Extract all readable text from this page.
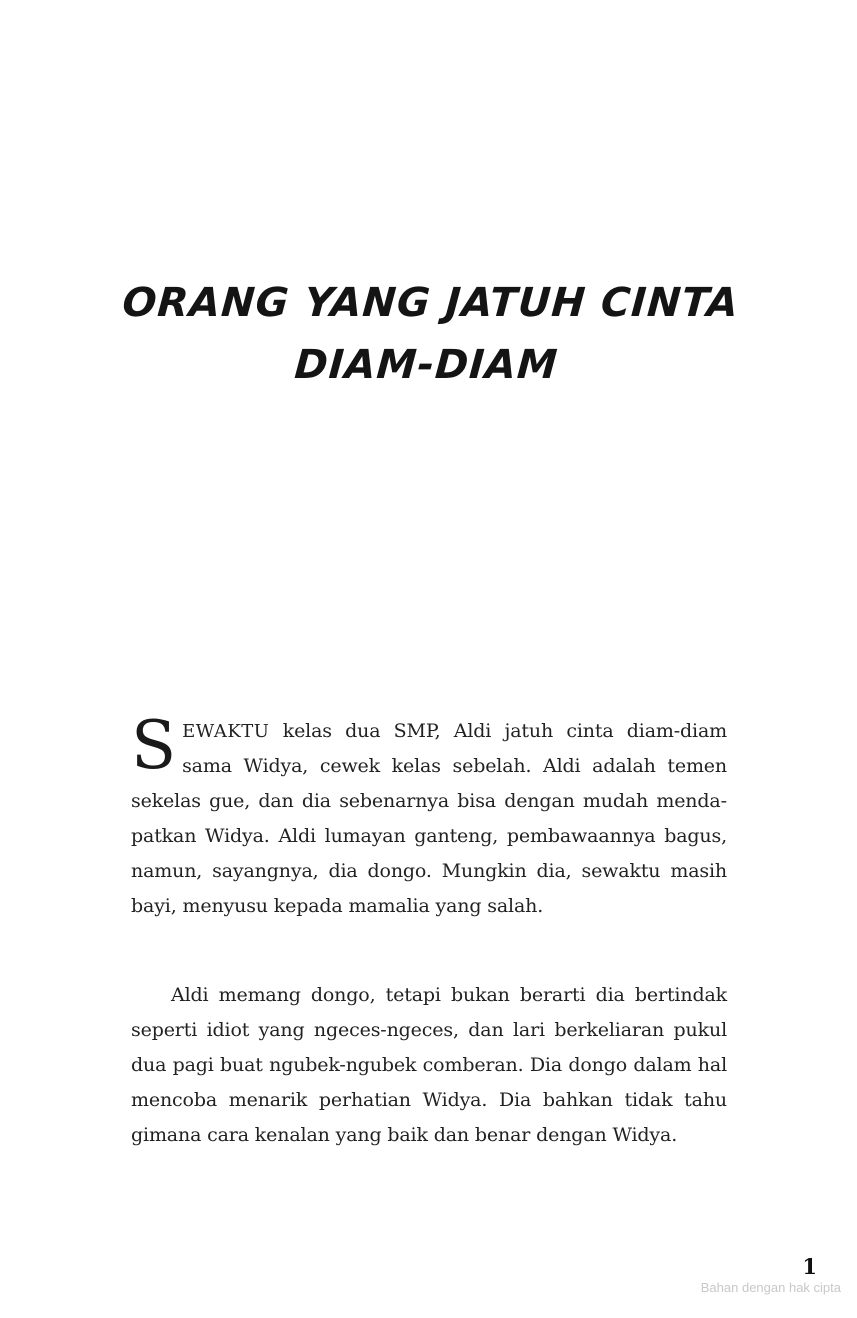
ORANG YANG JATUH CINTA
DIAM-DIAM

SEWAKTU kelas dua SMP, Aldi jatuh cinta diam-diam sama Widya, cewek kelas sebelah. Aldi adalah temen sekelas gue, dan dia sebenarnya bisa dengan mudah mendapatkan Widya. Aldi lumayan ganteng, pembawaannya bagus, namun, sayangnya, dia dongo. Mungkin dia, sewaktu masih bayi, menyusu kepada mamalia yang salah.

Aldi memang dongo, tetapi bukan berarti dia bertindak seperti idiot yang ngeces-ngeces, dan lari berkeliaran pukul dua pagi buat ngubek-ngubek comberan. Dia dongo dalam hal mencoba menarik perhatian Widya. Dia bahkan tidak tahu gimana cara kenalan yang baik dan benar dengan Widya.

1
Bahan dengan hak cipta
